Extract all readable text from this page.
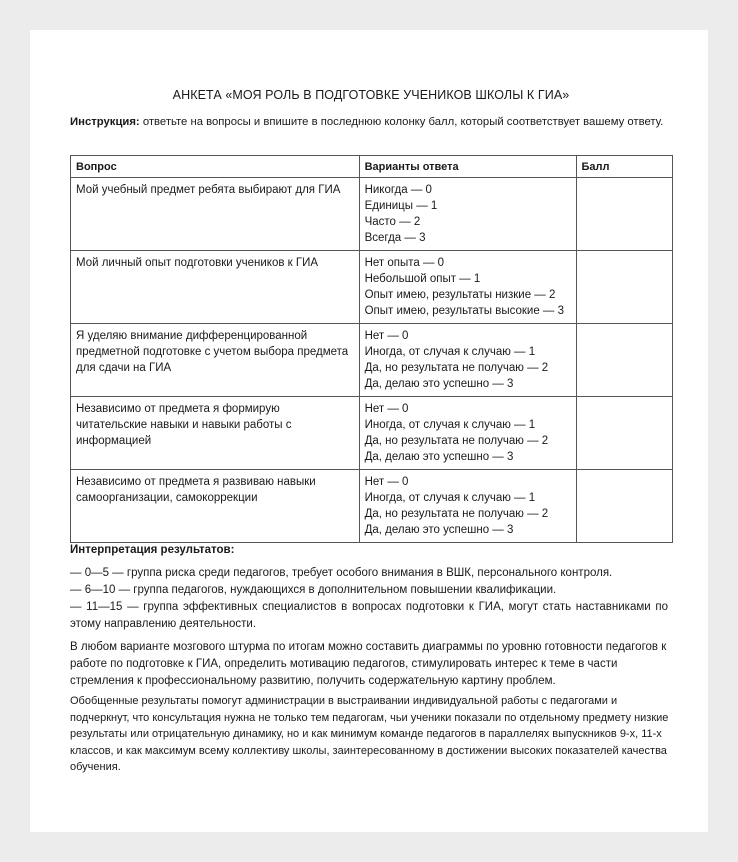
АНКЕТА «МОЯ РОЛЬ В ПОДГОТОВКЕ УЧЕНИКОВ ШКОЛЫ К ГИА»
Инструкция: ответьте на вопросы и впишите в последнюю колонку балл, который соответствует вашему ответу.
Вопрос	Варианты ответа	Балл

Мой учебный предмет ребята выбирают для ГИА	Никогда — 0
Единицы — 1
Часто — 2
Всегда — 3	

Мой личный опыт подготовки учеников к ГИА	Нет опыта — 0
Небольшой опыт — 1
Опыт имею, результаты низкие — 2
Опыт имею, результаты высокие — 3	

Я уделяю внимание дифференцированной предметной подготовке с учетом выбора предмета для сдачи на ГИА	Нет — 0
Иногда, от случая к случаю — 1
Да, но результата не получаю — 2
Да, делаю это успешно — 3	

Независимо от предмета я формирую читательские навыки и навыки работы с информацией	Нет — 0
Иногда, от случая к случаю — 1
Да, но результата не получаю — 2
Да, делаю это успешно — 3	

Независимо от предмета я развиваю навыки самоорганизации, самокоррекции	Нет — 0
Иногда, от случая к случаю — 1
Да, но результата не получаю — 2
Да, делаю это успешно — 3	

Интерпретация результатов:

— 0—5 — группа риска среди педагогов, требует особого внимания в ВШК, персонального контроля.

— 6—10 — группа педагогов, нуждающихся в дополнительном повышении квалификации.

— 11—15 — группа эффективных специалистов в вопросах подготовки к ГИА, могут стать наставниками по этому направлению деятельности.

В любом варианте мозгового штурма по итогам можно составить диаграммы по уровню готовности педагогов к работе по подготовке к ГИА, определить мотивацию педагогов, стимулировать интерес к теме в части стремления к профессиональному развитию, получить содержательную картину проблем.

Обобщенные результаты помогут администрации в выстраивании индивидуальной работы с педагогами и подчеркнут, что консультация нужна не только тем педагогам, чьи ученики показали по отдельному предмету низкие результаты или отрицательную динамику, но и как минимум команде педагогов в параллелях выпускников 9-х, 11-х классов, и как максимум всему коллективу школы, заинтересованному в достижении высоких показателей качества обучения.
